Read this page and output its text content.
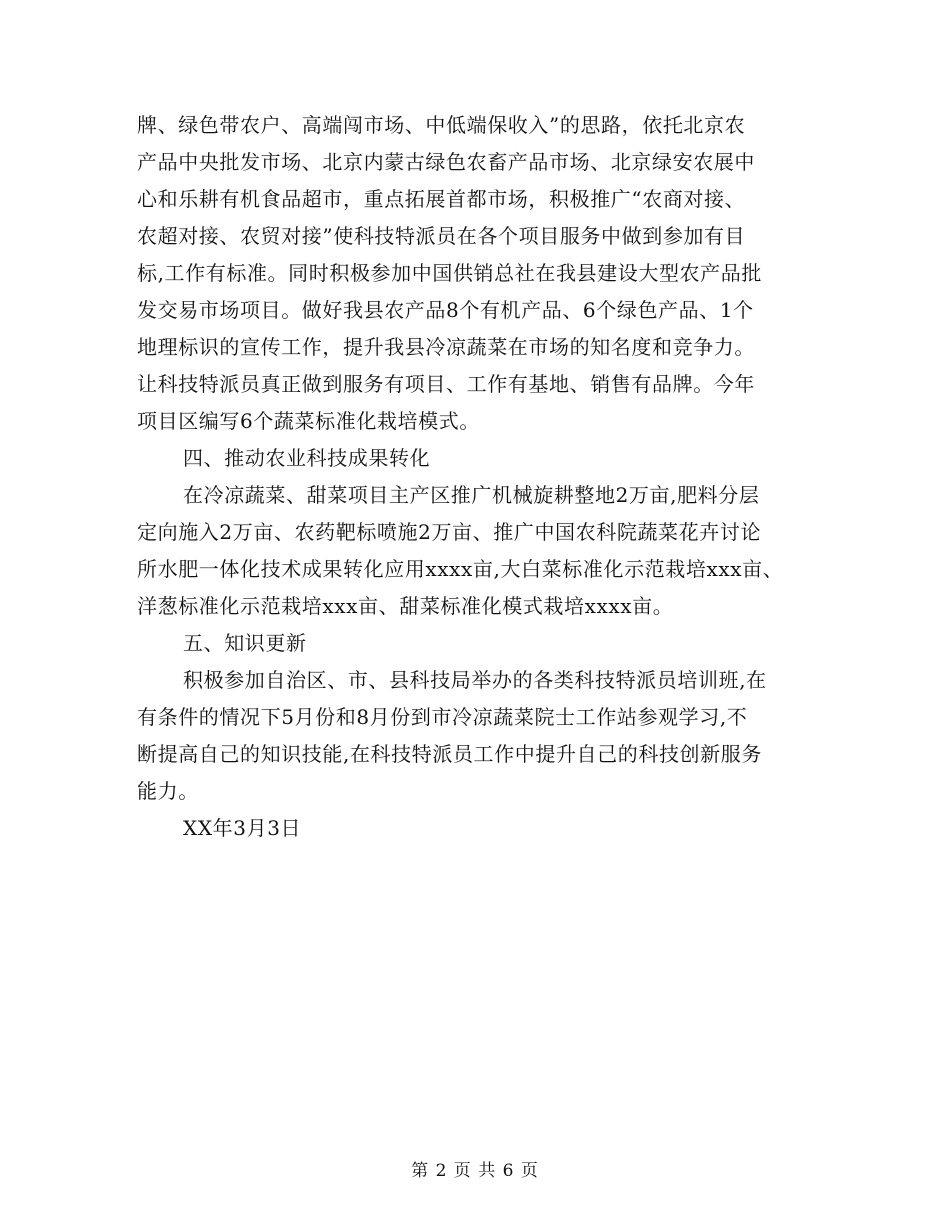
牌、绿色带农户、高端闯市场、中低端保收入”的思路，依托北京农
产品中央批发市场、北京内蒙古绿色农畜产品市场、北京绿安农展中
心和乐耕有机食品超市，重点拓展首都市场，积极推广“农商对接、
农超对接、农贸对接”使科技特派员在各个项目服务中做到参加有目
标,工作有标准。同时积极参加中国供销总社在我县建设大型农产品批
发交易市场项目。做好我县农产品8个有机产品、6个绿色产品、1个
地理标识的宣传工作，提升我县冷凉蔬菜在市场的知名度和竞争力。
让科技特派员真正做到服务有项目、工作有基地、销售有品牌。今年
项目区编写6个蔬菜标准化栽培模式。
四、推动农业科技成果转化
在冷凉蔬菜、甜菜项目主产区推广机械旋耕整地2万亩,肥料分层
定向施入2万亩、农药靶标喷施2万亩、推广中国农科院蔬菜花卉讨论
所水肥一体化技术成果转化应用xxxx亩,大白菜标准化示范栽培xxx亩、
洋葱标准化示范栽培xxx亩、甜菜标准化模式栽培xxxx亩。
五、知识更新
积极参加自治区、市、县科技局举办的各类科技特派员培训班,在
有条件的情况下5月份和8月份到市冷凉蔬菜院士工作站参观学习,不
断提高自己的知识技能,在科技特派员工作中提升自己的科技创新服务
能力。
XX年3月3日
第 2 页 共 6 页
